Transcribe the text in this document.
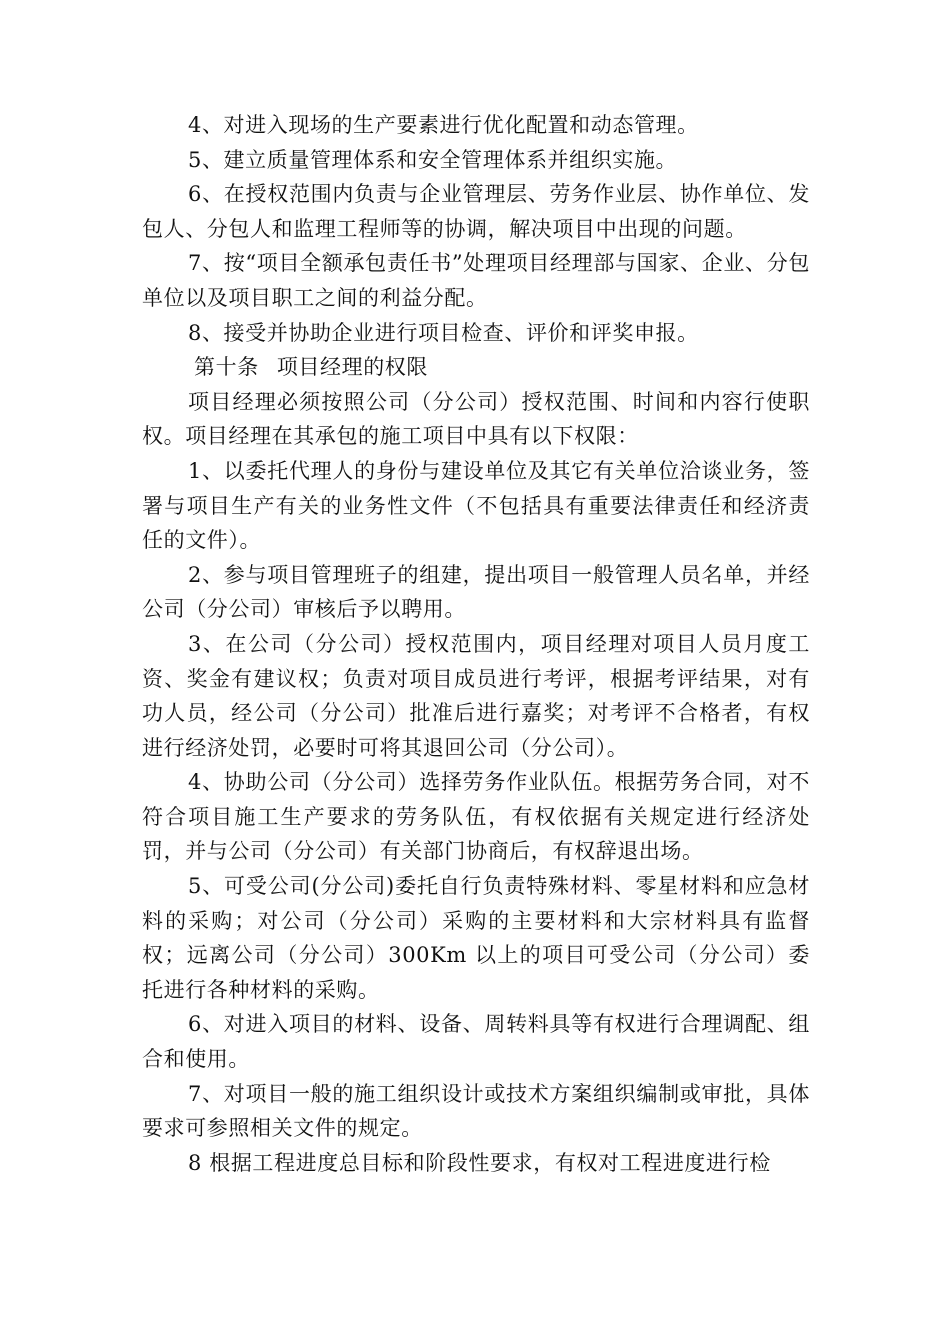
4、对进入现场的生产要素进行优化配置和动态管理。

5、建立质量管理体系和安全管理体系并组织实施。

6、在授权范围内负责与企业管理层、劳务作业层、协作单位、发包人、分包人和监理工程师等的协调，解决项目中出现的问题。

7、按“项目全额承包责任书”处理项目经理部与国家、企业、分包单位以及项目职工之间的利益分配。

8、接受并协助企业进行项目检查、评价和评奖申报。

第十条 项目经理的权限

项目经理必须按照公司（分公司）授权范围、时间和内容行使职权。项目经理在其承包的施工项目中具有以下权限：

1、以委托代理人的身份与建设单位及其它有关单位洽谈业务，签署与项目生产有关的业务性文件（不包括具有重要法律责任和经济责任的文件）。

2、参与项目管理班子的组建，提出项目一般管理人员名单，并经公司（分公司）审核后予以聘用。

3、在公司（分公司）授权范围内，项目经理对项目人员月度工资、奖金有建议权；负责对项目成员进行考评，根据考评结果，对有功人员，经公司（分公司）批准后进行嘉奖；对考评不合格者，有权进行经济处罚，必要时可将其退回公司（分公司）。

4、协助公司（分公司）选择劳务作业队伍。根据劳务合同，对不符合项目施工生产要求的劳务队伍，有权依据有关规定进行经济处罚，并与公司（分公司）有关部门协商后，有权辞退出场。

5、可受公司(分公司)委托自行负责特殊材料、零星材料和应急材料的采购；对公司（分公司）采购的主要材料和大宗材料具有监督权；远离公司（分公司）300Km 以上的项目可受公司（分公司）委托进行各种材料的采购。

6、对进入项目的材料、设备、周转料具等有权进行合理调配、组合和使用。

7、对项目一般的施工组织设计或技术方案组织编制或审批，具体要求可参照相关文件的规定。

8 根据工程进度总目标和阶段性要求，有权对工程进度进行检
